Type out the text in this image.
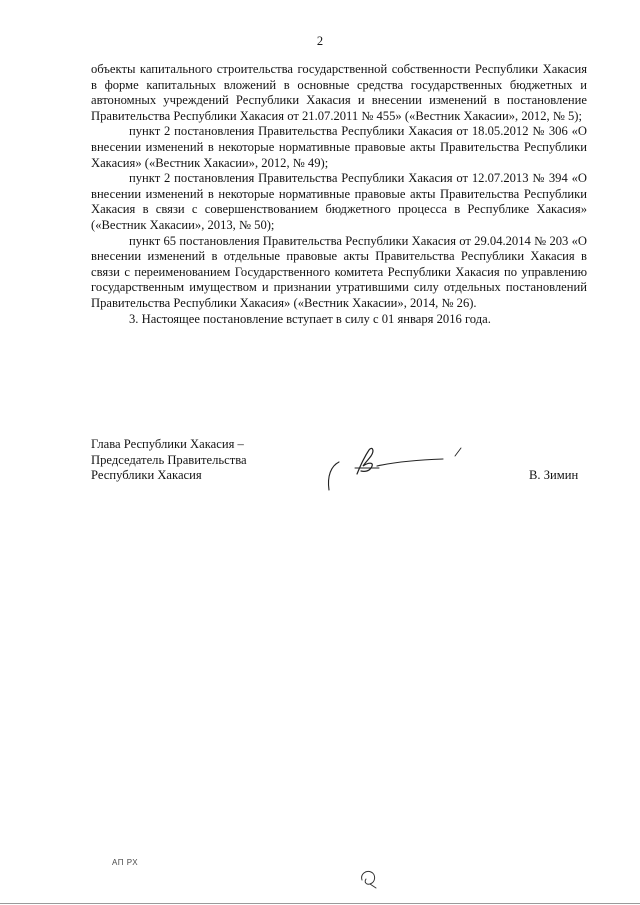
2

объекты капитального строительства государственной собственности Республики Хакасия в форме капитальных вложений в основные средства государственных бюджетных и автономных учреждений Республики Хакасия и внесении изменений в постановление Правительства Республики Хакасия от 21.07.2011 № 455» («Вестник Хакасии», 2012, № 5);

пункт 2 постановления Правительства Республики Хакасия от 18.05.2012 № 306 «О внесении изменений в некоторые нормативные правовые акты Правительства Республики Хакасия» («Вестник Хакасии», 2012, № 49);

пункт 2 постановления Правительства Республики Хакасия от 12.07.2013 № 394 «О внесении изменений в некоторые нормативные правовые акты Правительства Республики Хакасия в связи с совершенствованием бюджетного процесса в Республике Хакасия» («Вестник Хакасии», 2013, № 50);

пункт 65 постановления Правительства Республики Хакасия от 29.04.2014 № 203 «О внесении изменений в отдельные правовые акты Правительства Республики Хакасия в связи с переименованием Государственного комитета Республики Хакасия по управлению государственным имуществом и признании утратившими силу отдельных постановлений Правительства Республики Хакасия» («Вестник Хакасии», 2014, № 26).

3. Настоящее постановление вступает в силу с 01 января 2016 года.

Глава Республики Хакасия –
Председатель Правительства
Республики Хакасия	В. Зимин
АП РХ
